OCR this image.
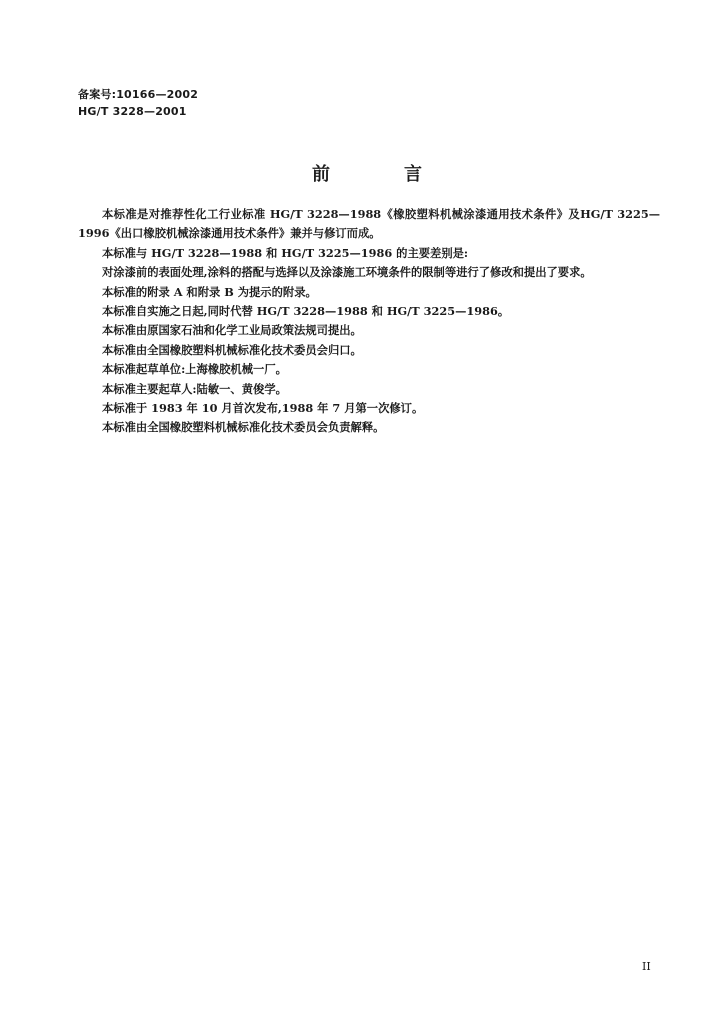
备案号:10166—2002
HG/T 3228—2001
前	言

本标准是对推荐性化工行业标准 HG/T 3228—1988《橡胶塑料机械涂漆通用技术条件》及HG/T 3225—1996《出口橡胶机械涂漆通用技术条件》兼并与修订而成。

本标准与 HG/T 3228—1988 和 HG/T 3225—1986 的主要差别是:

对涂漆前的表面处理,涂料的搭配与选择以及涂漆施工环境条件的限制等进行了修改和提出了要求。

本标准的附录 A 和附录 B 为提示的附录。

本标准自实施之日起,同时代替 HG/T 3228—1988 和 HG/T 3225—1986。

本标准由原国家石油和化学工业局政策法规司提出。

本标准由全国橡胶塑料机械标准化技术委员会归口。

本标准起草单位:上海橡胶机械一厂。

本标准主要起草人:陆敏一、黄俊学。

本标准于 1983 年 10 月首次发布,1988 年 7 月第一次修订。

本标准由全国橡胶塑料机械标准化技术委员会负责解释。

II
